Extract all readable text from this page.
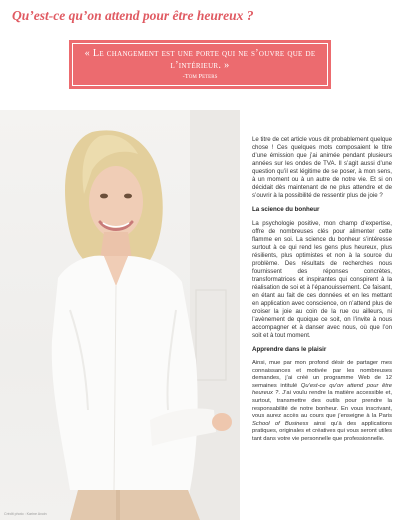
Qu’est-ce qu’on attend pour être heureux ?
« Le changement est une porte qui ne s’ouvre que de l’intérieur. »
-Tom Peters
Crédit photo : Karine Avoin

Le titre de cet article vous dit probablement quelque chose ! Ces quelques mots composaient le titre d’une émission que j’ai animée pendant plusieurs années sur les ondes de TVA. Il s’agit aussi d’une question qu’il est légitime de se poser, à mon sens, à un moment ou à un autre de notre vie. Et si on décidait dès maintenant de ne plus attendre et de s’ouvrir à la possibilité de ressentir plus de joie ?

La science du bonheur

La psychologie positive, mon champ d’expertise, offre de nombreuses clés pour alimenter cette flamme en soi. La science du bonheur s’intéresse surtout à ce qui rend les gens plus heureux, plus résilients, plus optimistes et non à la source du problème. Des résultats de recherches nous fournissent des réponses concrètes, transformatrices et inspirantes qui conspirent à la réalisation de soi et à l’épanouissement. Ce faisant, en étant au fait de ces données et en les mettant en application avec conscience, on n’attend plus de croiser la joie au coin de la rue ou ailleurs, ni l’avènement de quoique ce soit, on l’invite à nous accompagner et à danser avec nous, où que l’on soit et à tout moment.

Apprendre dans le plaisir

Ainsi, mue par mon profond désir de partager mes connaissances et motivée par les nombreuses demandes, j’ai créé un programme Web de 12 semaines intitulé Qu’est-ce qu’on attend pour être heureux ?. J’ai voulu rendre la matière accessible et, surtout, transmettre des outils pour prendre la responsabilité de notre bonheur. En vous inscrivant, vous aurez accès au cours que j’enseigne à la Paris School of Business ainsi qu’à des applications pratiques, originales et créatives qui vous seront utiles tant dans votre vie personnelle que professionnelle.
